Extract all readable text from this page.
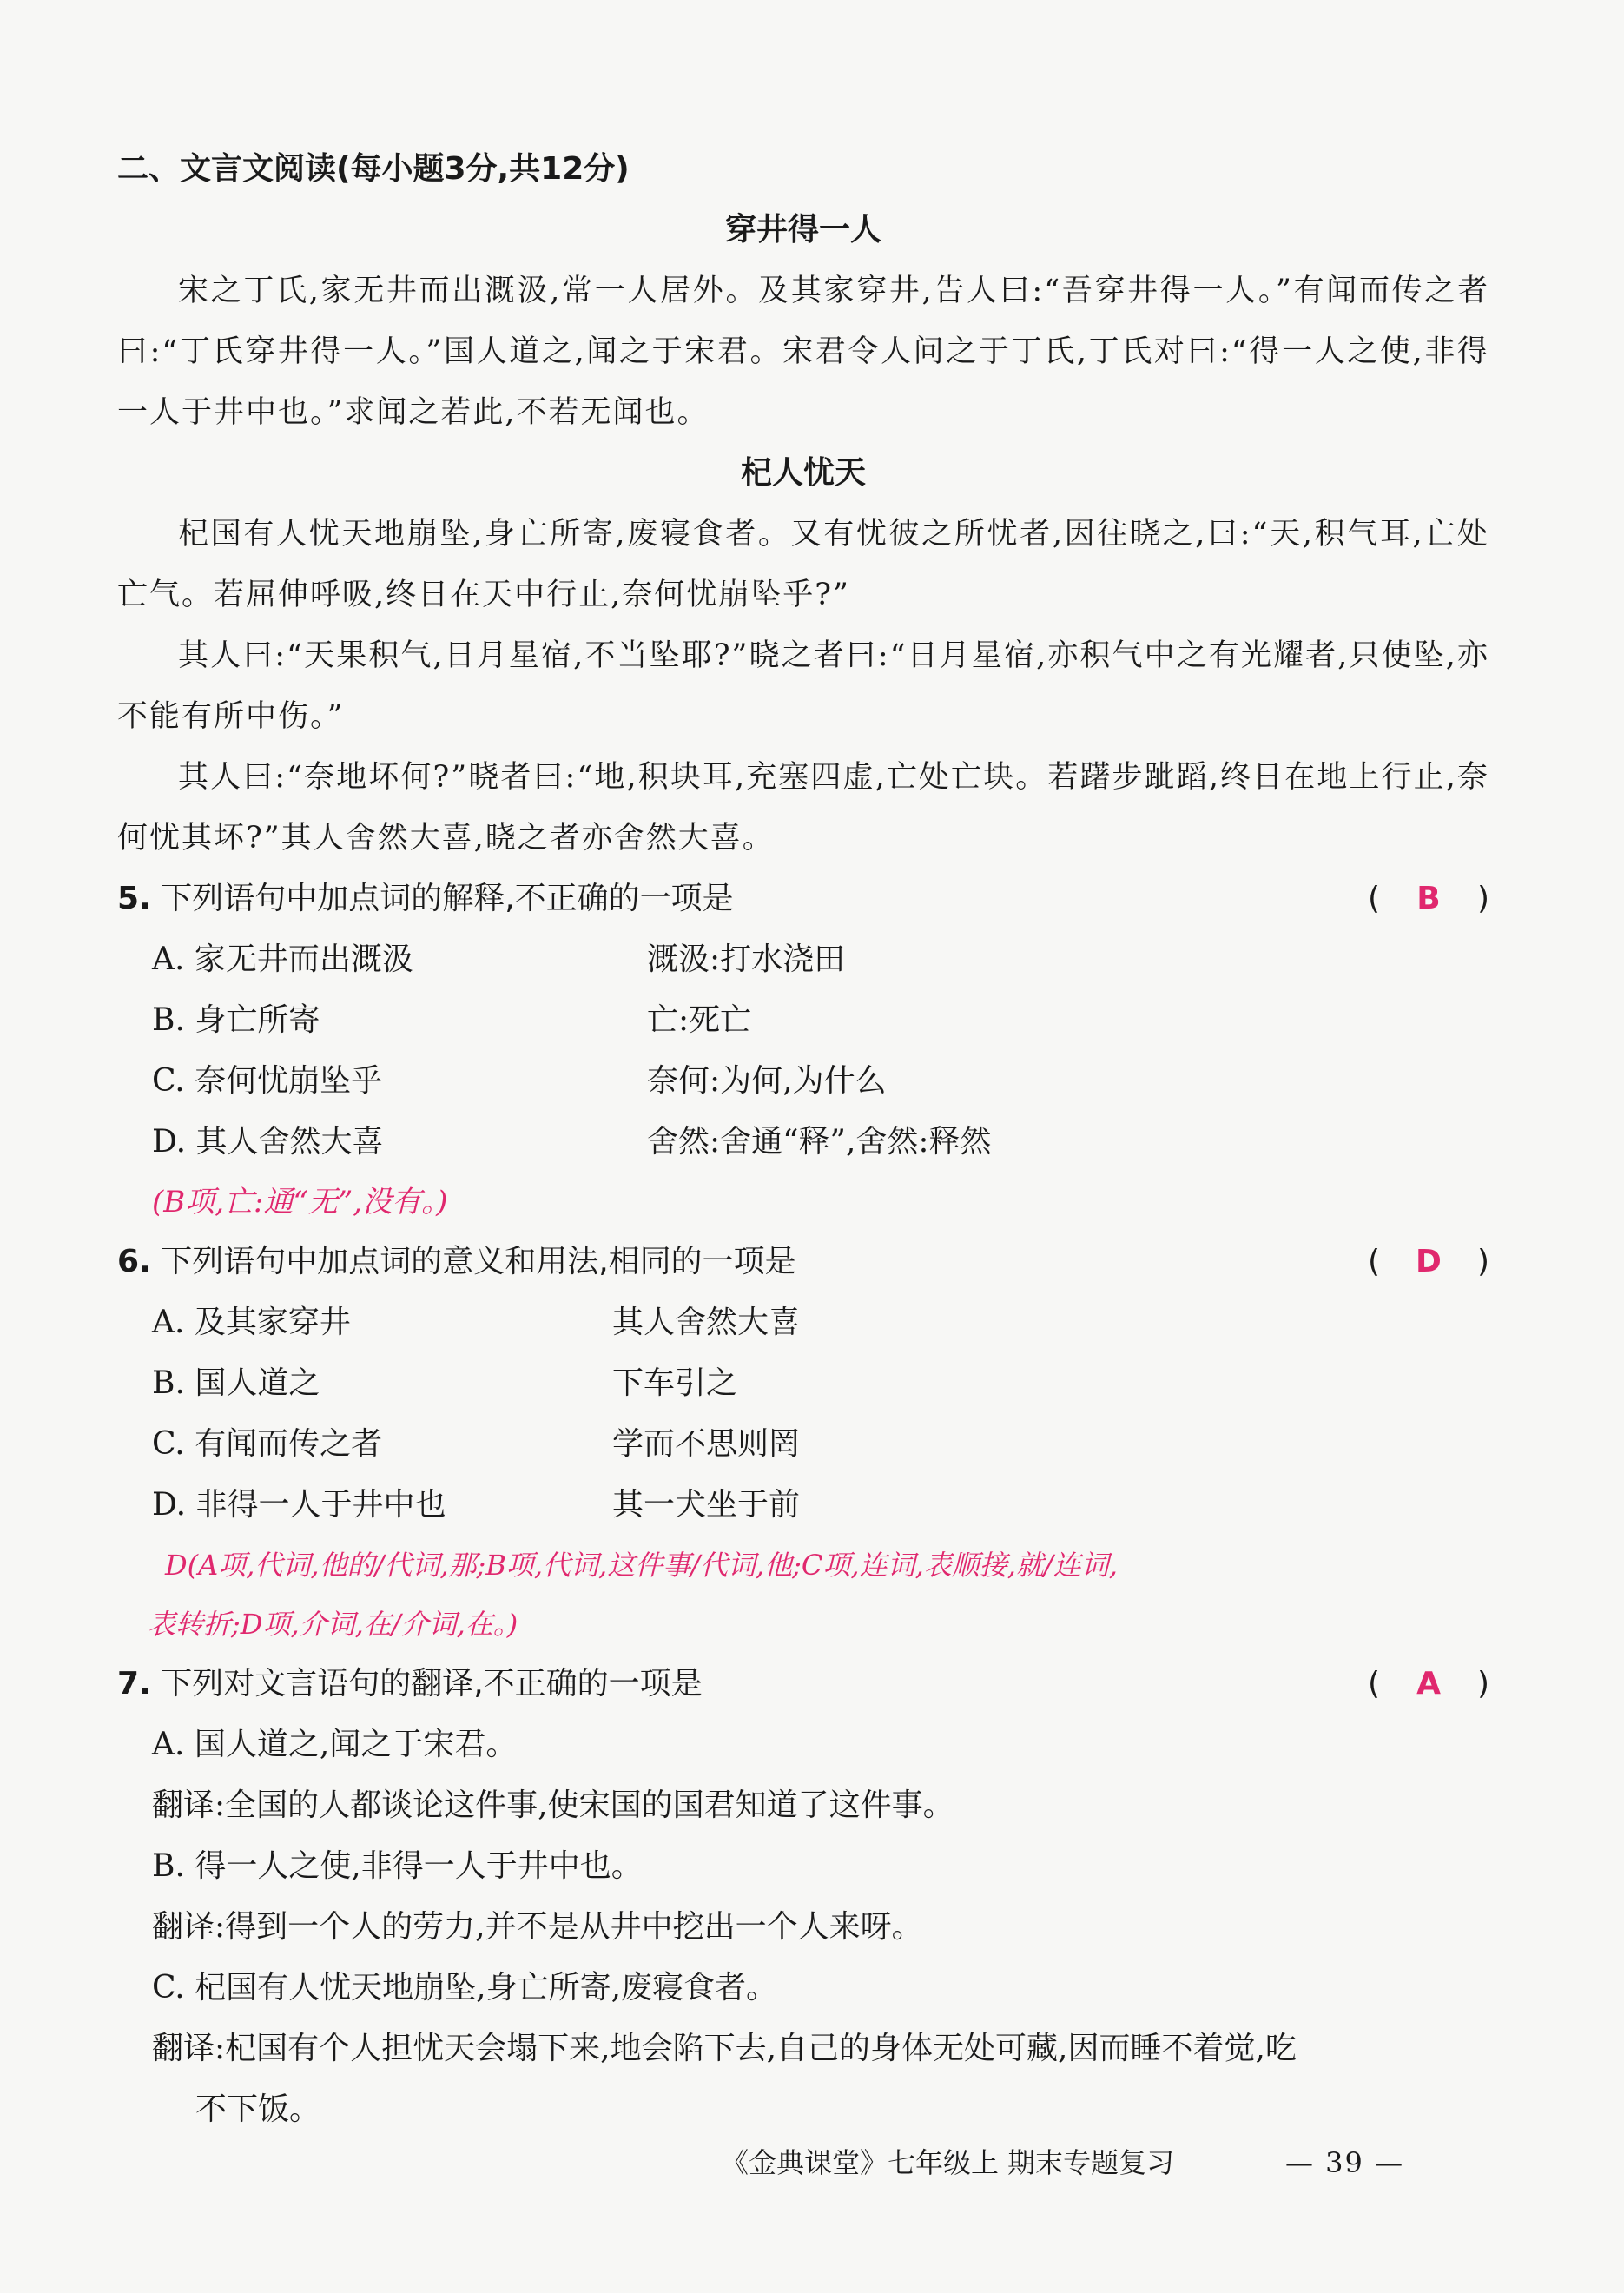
二、文言文阅读(每小题3分,共12分)
穿井得一人
宋之丁氏,家无井而出溉汲,常一人居外。及其家穿井,告人曰:“吾穿井得一人。”有闻而传之者曰:“丁氏穿井得一人。”国人道之,闻之于宋君。宋君令人问之于丁氏,丁氏对曰:“得一人之使,非得一人于井中也。”求闻之若此,不若无闻也。
杞人忧天
杞国有人忧天地崩坠,身亡所寄,废寝食者。又有忧彼之所忧者,因往晓之,曰:“天,积气耳,亡处亡气。若屈伸呼吸,终日在天中行止,奈何忧崩坠乎?”
其人曰:“天果积气,日月星宿,不当坠耶?”晓之者曰:“日月星宿,亦积气中之有光耀者,只使坠,亦不能有所中伤。”
其人曰:“奈地坏何?”晓者曰:“地,积块耳,充塞四虚,亡处亡块。若躇步跐蹈,终日在地上行止,奈何忧其坏?”其人舍然大喜,晓之者亦舍然大喜。
5. 下列语句中加点词的解释,不正确的一项是	( B )
A. 家无井而出溉汲	溉汲:打水浇田
B. 身亡所寄	亡:死亡
C. 奈何忧崩坠乎	奈何:为何,为什么
D. 其人舍然大喜	舍然:舍通“释”,舍然:释然
(B项,亡:通“无”,没有。)
6. 下列语句中加点词的意义和用法,相同的一项是	( D )
A. 及其家穿井	其人舍然大喜
B. 国人道之	下车引之
C. 有闻而传之者	学而不思则罔
D. 非得一人于井中也	其一犬坐于前
D(A项,代词,他的/代词,那;B项,代词,这件事/代词,他;C项,连词,表顺接,就/连词,
表转折;D项,介词,在/介词,在。)
7. 下列对文言语句的翻译,不正确的一项是	( A )
A. 国人道之,闻之于宋君。
翻译:全国的人都谈论这件事,使宋国的国君知道了这件事。
B. 得一人之使,非得一人于井中也。
翻译:得到一个人的劳力,并不是从井中挖出一个人来呀。
C. 杞国有人忧天地崩坠,身亡所寄,废寝食者。
翻译:杞国有个人担忧天会塌下来,地会陷下去,自己的身体无处可藏,因而睡不着觉,吃
不下饭。
《金典课堂》七年级上 期末专题复习	— 39 —
